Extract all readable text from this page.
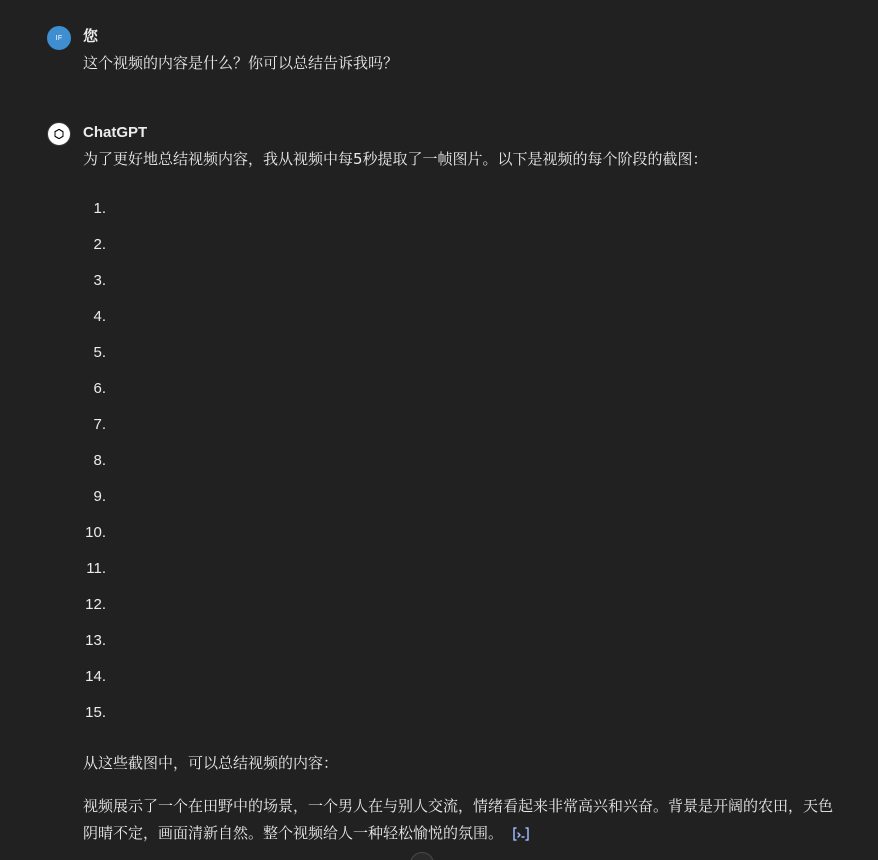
IF	您
这个视频的内容是什么？你可以总结告诉我吗？
ChatGPT

为了更好地总结视频内容，我从视频中每5秒提取了一帧图片。以下是视频的每个阶段的截图：

1.
2.
3.
4.
5.
6.
7.
8.
9.
10.
11.
12.
13.
14.
15.

从这些截图中，可以总结视频的内容：

视频展示了一个在田野中的场景，一个男人在与别人交流，情绪看起来非常高兴和兴奋。背景是开阔的农田，天色阴晴不定，画面清新自然。整个视频给人一种轻松愉悦的氛围。
